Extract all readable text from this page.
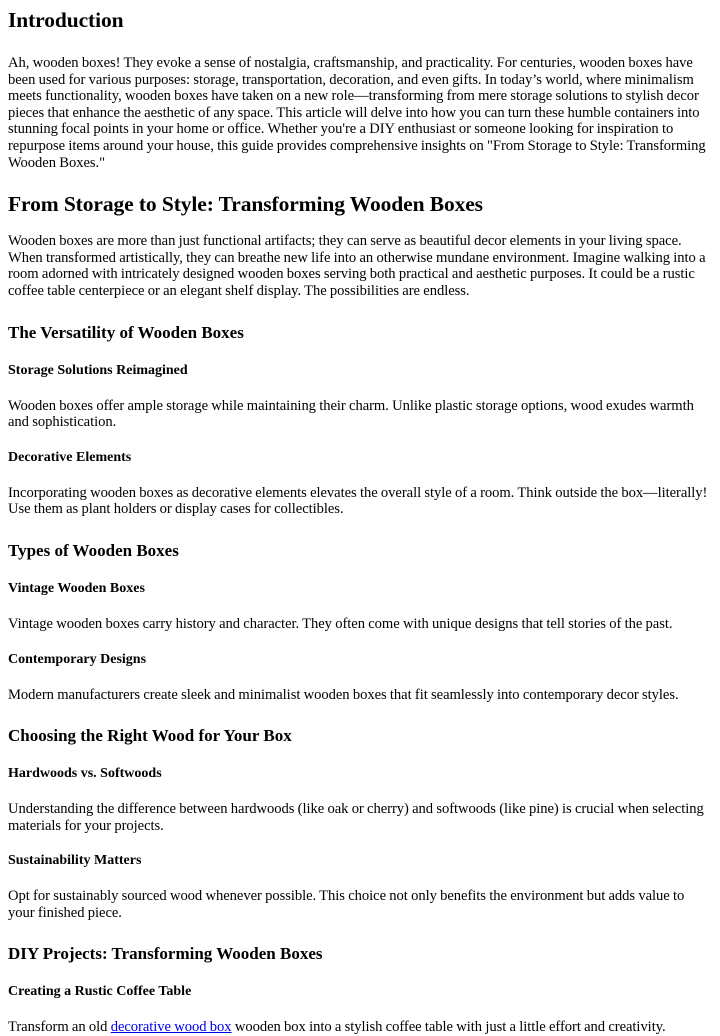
Introduction

Ah, wooden boxes! They evoke a sense of nostalgia, craftsmanship, and practicality. For centuries, wooden boxes have been used for various purposes: storage, transportation, decoration, and even gifts. In today’s world, where minimalism meets functionality, wooden boxes have taken on a new role—transforming from mere storage solutions to stylish decor pieces that enhance the aesthetic of any space. This article will delve into how you can turn these humble containers into stunning focal points in your home or office. Whether you're a DIY enthusiast or someone looking for inspiration to repurpose items around your house, this guide provides comprehensive insights on "From Storage to Style: Transforming Wooden Boxes."

From Storage to Style: Transforming Wooden Boxes

Wooden boxes are more than just functional artifacts; they can serve as beautiful decor elements in your living space. When transformed artistically, they can breathe new life into an otherwise mundane environment. Imagine walking into a room adorned with intricately designed wooden boxes serving both practical and aesthetic purposes. It could be a rustic coffee table centerpiece or an elegant shelf display. The possibilities are endless.

The Versatility of Wooden Boxes
Storage Solutions Reimagined

Wooden boxes offer ample storage while maintaining their charm. Unlike plastic storage options, wood exudes warmth and sophistication.

Decorative Elements

Incorporating wooden boxes as decorative elements elevates the overall style of a room. Think outside the box—literally! Use them as plant holders or display cases for collectibles.

Types of Wooden Boxes
Vintage Wooden Boxes

Vintage wooden boxes carry history and character. They often come with unique designs that tell stories of the past.

Contemporary Designs

Modern manufacturers create sleek and minimalist wooden boxes that fit seamlessly into contemporary decor styles.

Choosing the Right Wood for Your Box
Hardwoods vs. Softwoods

Understanding the difference between hardwoods (like oak or cherry) and softwoods (like pine) is crucial when selecting materials for your projects.

Sustainability Matters

Opt for sustainably sourced wood whenever possible. This choice not only benefits the environment but adds value to your finished piece.

DIY Projects: Transforming Wooden Boxes
Creating a Rustic Coffee Table

Transform an old decorative wood box wooden box into a stylish coffee table with just a little effort and creativity.
